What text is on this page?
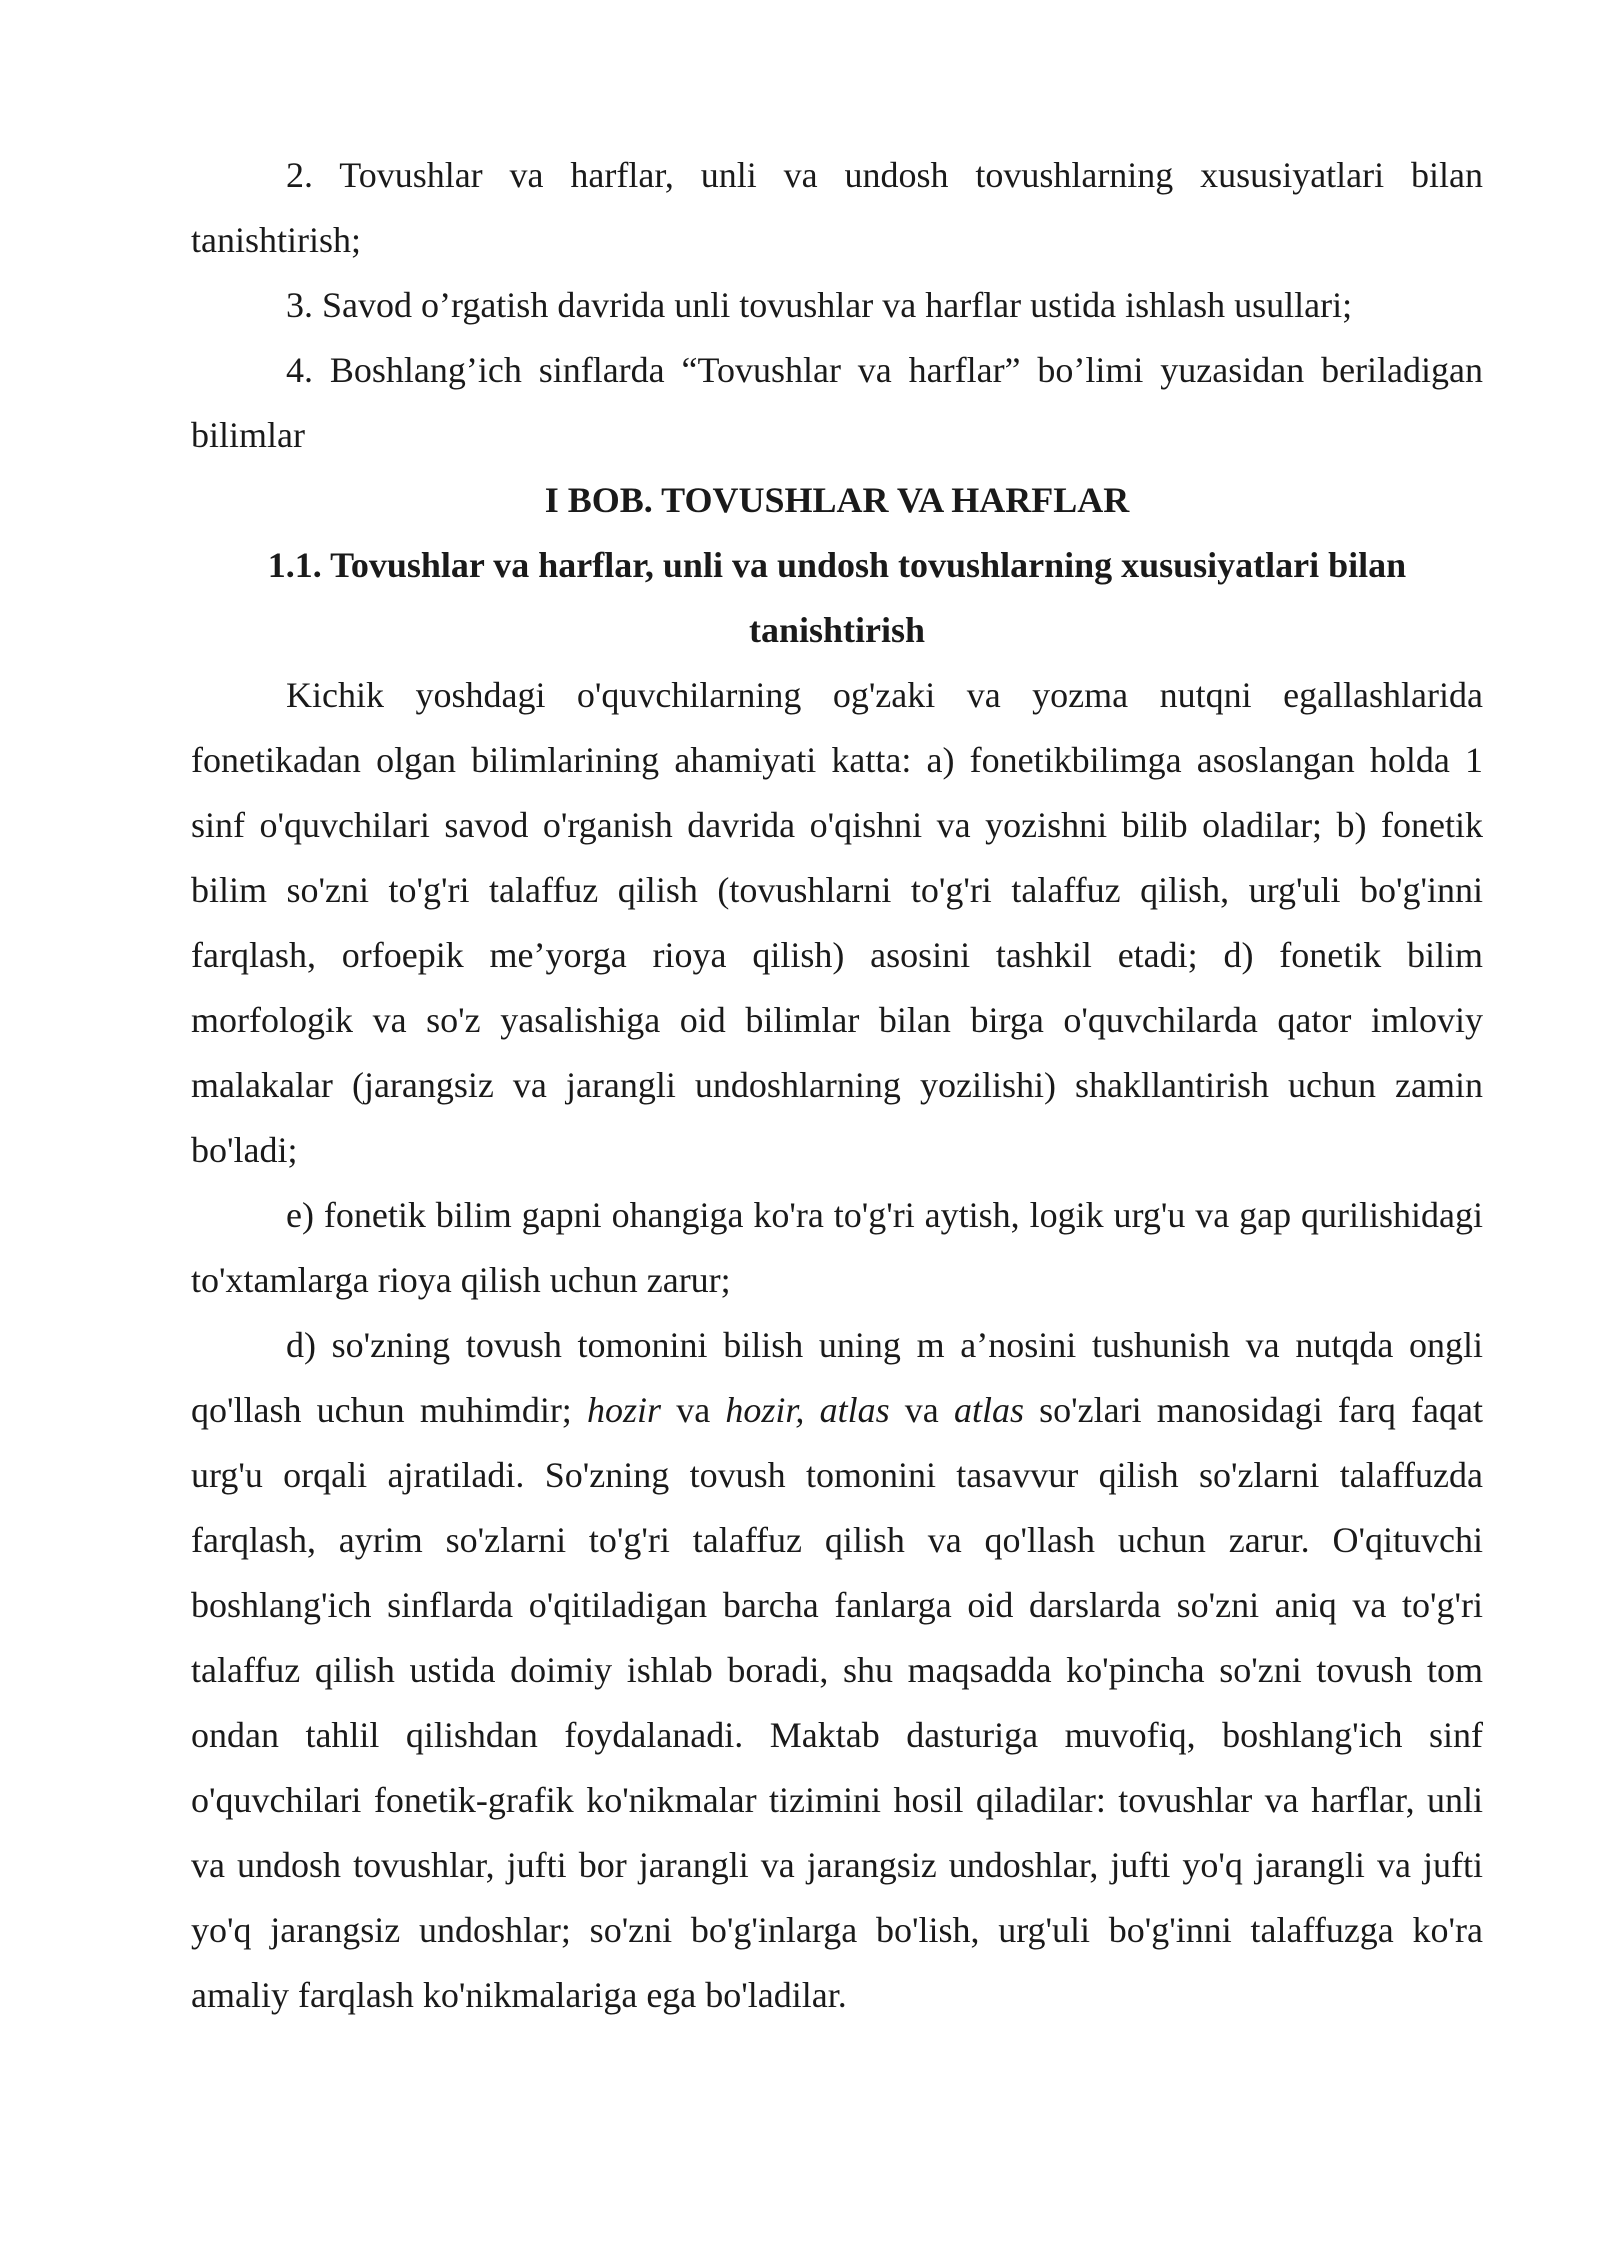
2. Tovushlar va harflar, unli va undosh tovushlarning xususiyatlari bilan tanishtirish;

3. Savod o’rgatish davrida unli tovushlar va harflar ustida ishlash usullari;

4. Boshlang’ich sinflarda “Tovushlar va harflar” bo’limi yuzasidan beriladigan bilimlar

I BOB. TOVUSHLAR VA HARFLAR
1.1. Tovushlar va harflar, unli va undosh tovushlarning xususiyatlari bilan tanishtirish

Kichik yoshdagi o'quvchilarning og'zaki va yozma nutqni egallashlarida fonetikadan olgan bilimlarining ahamiyati katta: a) fonetikbilimga asoslangan holda 1 sinf o'quvchilari savod o'rganish davrida o'qishni va yozishni bilib oladilar; b) fonetik bilim so'zni to'g'ri talaffuz qilish (tovushlarni to'g'ri talaffuz qilish, urg'uli bo'g'inni farqlash, orfoepik me’yorga rioya qilish) asosini tashkil etadi; d) fonetik bilim morfologik va so'z yasalishiga oid bilimlar bilan birga o'quvchilarda qator imloviy malakalar (jarangsiz va jarangli undoshlarning yozilishi) shakllantirish uchun zamin bo'ladi;

e) fonetik bilim gapni ohangiga ko'ra to'g'ri aytish, logik urg'u va gap qurilishidagi to'xtamlarga rioya qilish uchun zarur;

d) so'zning tovush tomonini bilish uning m a’nosini tushunish va nutqda ongli qo'llash uchun muhimdir; hozir va hozir, atlas va atlas so'zlari manosidagi farq faqat urg'u orqali ajratiladi. So'zning tovush tomonini tasavvur qilish so'zlarni talaffuzda farqlash, ayrim so'zlarni to'g'ri talaffuz qilish va qo'llash uchun zarur. O'qituvchi boshlang'ich sinflarda o'qitiladigan barcha fanlarga oid darslarda so'zni aniq va to'g'ri talaffuz qilish ustida doimiy ishlab boradi, shu maqsadda ko'pincha so'zni tovush tom ondan tahlil qilishdan foydalanadi. Maktab dasturiga muvofiq, boshlang'ich sinf o'quvchilari fonetik-grafik ko'nikmalar tizimini hosil qiladilar: tovushlar va harflar, unli va undosh tovushlar, jufti bor jarangli va jarangsiz undoshlar, jufti yo'q jarangli va jufti yo'q jarangsiz undoshlar; so'zni bo'g'inlarga bo'lish, urg'uli bo'g'inni talaffuzga ko'ra amaliy farqlash ko'nikmalariga ega bo'ladilar.
